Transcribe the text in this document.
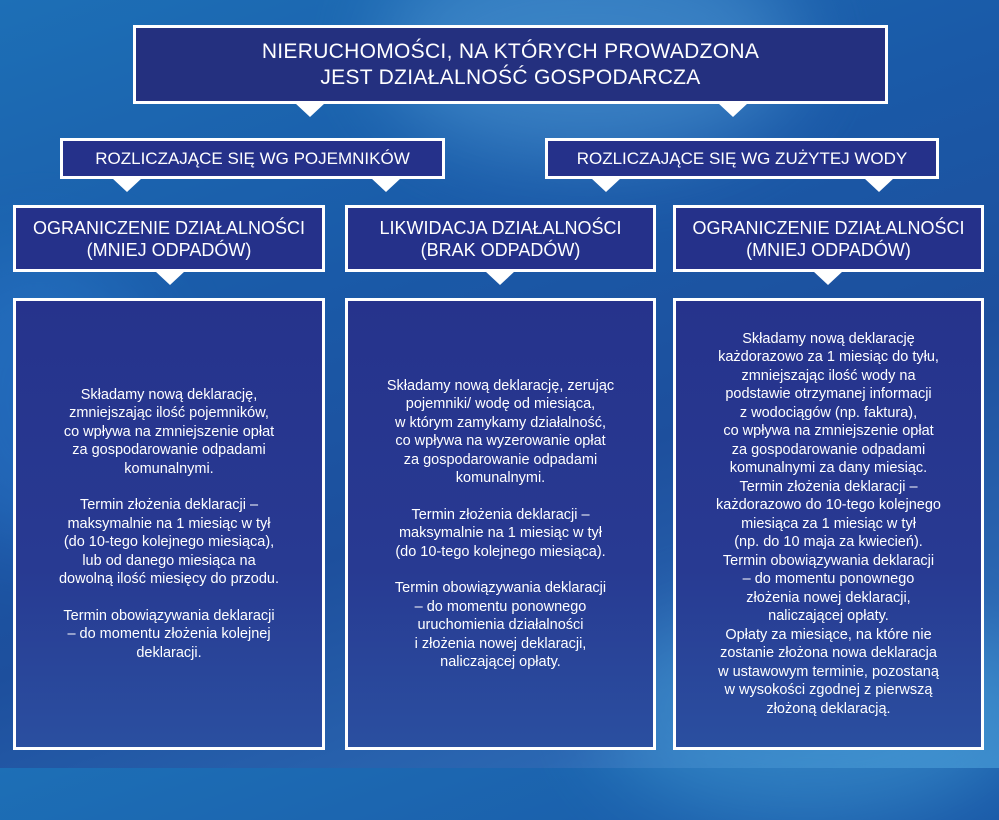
NIERUCHOMOŚCI, NA KTÓRYCH PROWADZONA
JEST DZIAŁALNOŚĆ GOSPODARCZA
ROZLICZAJĄCE SIĘ WG POJEMNIKÓW	ROZLICZAJĄCE SIĘ WG ZUŻYTEJ WODY
OGRANICZENIE DZIAŁALNOŚCI
(MNIEJ ODPADÓW)
LIKWIDACJA DZIAŁALNOŚCI
(BRAK ODPADÓW)
OGRANICZENIE DZIAŁALNOŚCI
(MNIEJ ODPADÓW)

Składamy nową deklarację,
zmniejszając ilość pojemników,
co wpływa na zmniejszenie opłat
za gospodarowanie odpadami
komunalnymi.

Termin złożenia deklaracji –
maksymalnie na 1 miesiąc w tył
(do 10-tego kolejnego miesiąca),
lub od danego miesiąca na
dowolną ilość miesięcy do przodu.

Termin obowiązywania deklaracji
– do momentu złożenia kolejnej
deklaracji.

Składamy nową deklarację, zerując
pojemniki/ wodę od miesiąca,
w którym zamykamy działalność,
co wpływa na wyzerowanie opłat
za gospodarowanie odpadami
komunalnymi.

Termin złożenia deklaracji –
maksymalnie na 1 miesiąc w tył
(do 10-tego kolejnego miesiąca).

Termin obowiązywania deklaracji
– do momentu ponownego
uruchomienia działalności
i złożenia nowej deklaracji,
naliczającej opłaty.

Składamy nową deklarację
każdorazowo za 1 miesiąc do tyłu,
zmniejszając ilość wody na
podstawie otrzymanej informacji
z wodociągów (np. faktura),
co wpływa na zmniejszenie opłat
za gospodarowanie odpadami
komunalnymi za dany miesiąc.

Termin złożenia deklaracji –
każdorazowo do 10-tego kolejnego
miesiąca za 1 miesiąc w tył
(np. do 10 maja za kwiecień).

Termin obowiązywania deklaracji
– do momentu ponownego
złożenia nowej deklaracji,
naliczającej opłaty.

Opłaty za miesiące, na które nie
zostanie złożona nowa deklaracja
w ustawowym terminie, pozostaną
w wysokości zgodnej z pierwszą
złożoną deklaracją.
